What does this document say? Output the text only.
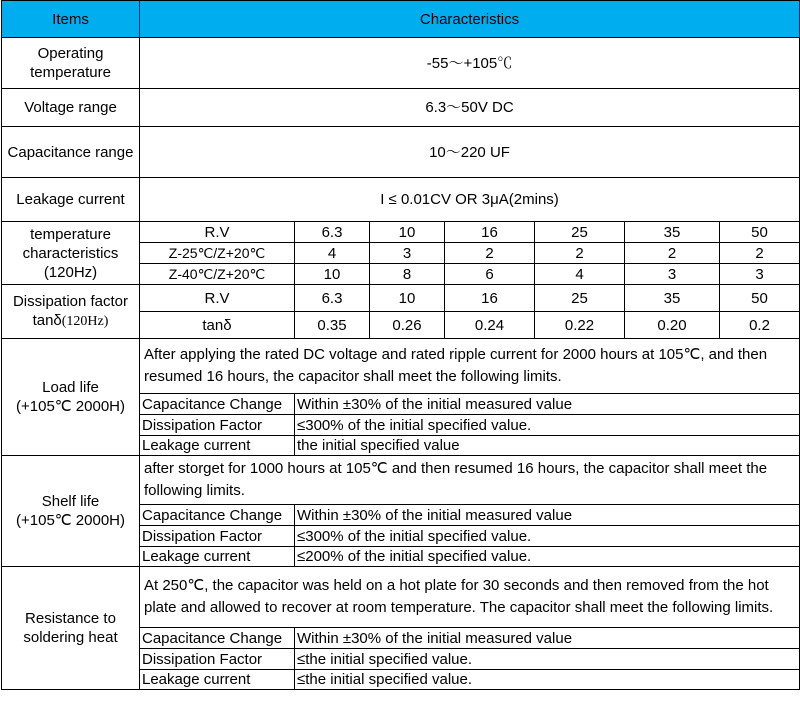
Items	Characteristics						
Operating temperature	-55～+105℃						
Voltage range	6.3～50V DC						
Capacitance range	10～220 UF						
Leakage current	I ≤ 0.01CV OR 3μA(2mins)						
temperature characteristics (120Hz)	R.V	6.3	10	16	25	35	50
	Z-25℃/Z+20℃	4	3	2	2	2	2
	Z-40℃/Z+20℃	10	8	6	4	3	3
Dissipation factor
tanδ(120Hz)	R.V	6.3	10	16	25	35	50
	tanδ	0.35	0.26	0.24	0.22	0.20	0.2
Load life
(+105℃ 2000H)	After applying the rated DC voltage and rated ripple current for 2000 hours at 105℃, and then resumed 16 hours, the capacitor shall meet the following limits.						
	Capacitance Change	Within ±30% of the initial measured value					
	Dissipation Factor	≤300% of the initial specified value.					
	Leakage current	the initial specified value					
Shelf life
(+105℃ 2000H)	after storget for 1000 hours at 105℃ and then resumed 16 hours, the capacitor shall meet the following limits.						
	Capacitance Change	Within ±30% of the initial measured value					
	Dissipation Factor	≤300% of the initial specified value.					
	Leakage current	≤200% of the initial specified value.					
Resistance to
soldering heat	At 250℃, the capacitor was held on a hot plate for 30 seconds and then removed from the hot plate and allowed to recover at room temperature. The capacitor shall meet the following limits.						
	Capacitance Change	Within ±30% of the initial measured value					
	Dissipation Factor	≤the initial specified value.					
	Leakage current	≤the initial specified value.					
